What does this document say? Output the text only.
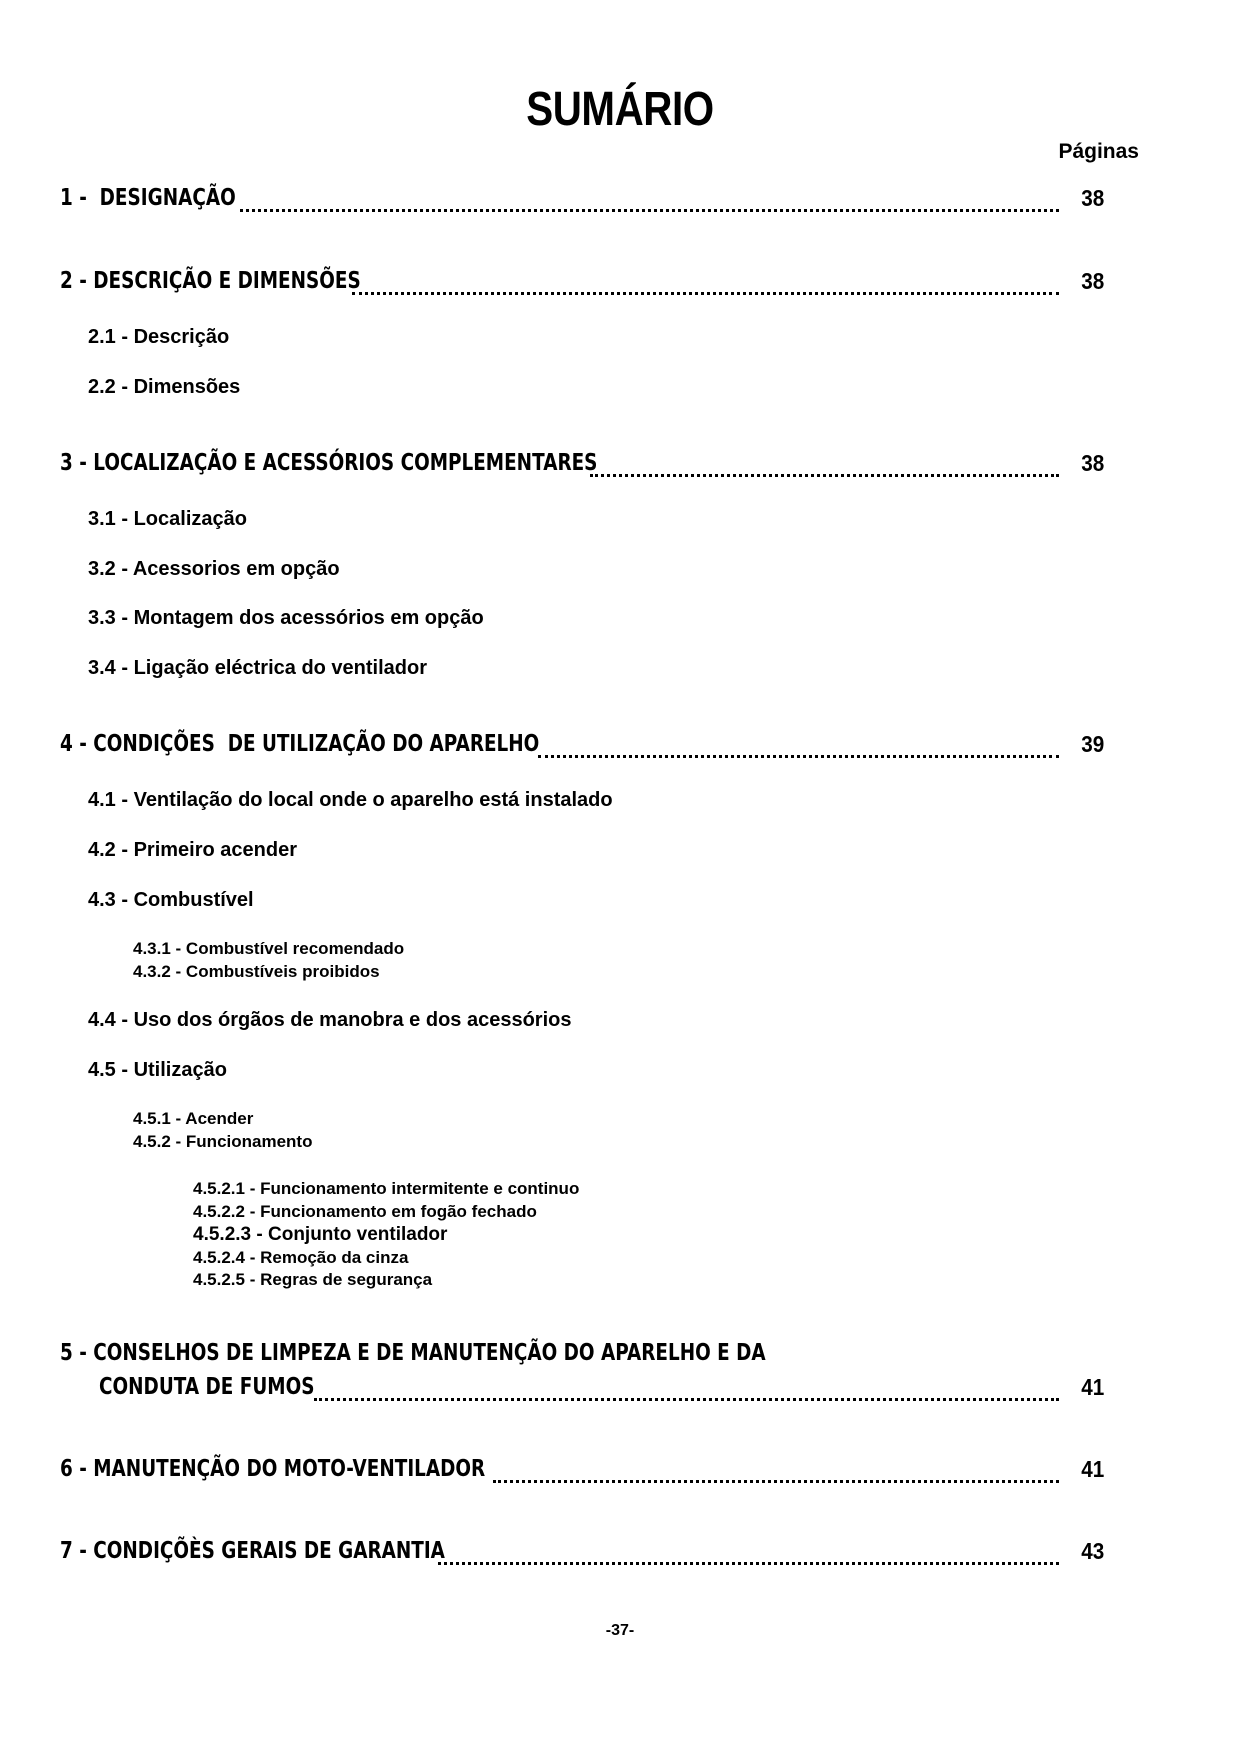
SUMÁRIO
Páginas
1 -  DESIGNAÇÃO	38
2 - DESCRIÇÃO E DIMENSÕES	38
2.1 - Descrição
2.2 - Dimensões
3 - LOCALIZAÇÃO E ACESSÓRIOS COMPLEMENTARES	38
3.1 - Localização
3.2 - Acessorios em opção
3.3 - Montagem dos acessórios em opção
3.4 - Ligação eléctrica do ventilador
4 - CONDIÇÕES  DE UTILIZAÇÃO DO APARELHO	39
4.1 - Ventilação do local onde o aparelho está instalado
4.2 - Primeiro acender
4.3 - Combustível
4.3.1 - Combustível recomendado
4.3.2 - Combustíveis proibidos
4.4 - Uso dos órgãos de manobra e dos acessórios
4.5 - Utilização
4.5.1 - Acender
4.5.2 - Funcionamento
4.5.2.1 - Funcionamento intermitente e continuo
4.5.2.2 - Funcionamento em fogão fechado
4.5.2.3 - Conjunto ventilador
4.5.2.4 - Remoção da cinza
4.5.2.5 - Regras de segurança
5 - CONSELHOS DE LIMPEZA E DE MANUTENÇÃO DO APARELHO E DA
CONDUTA DE FUMOS	41
6 - MANUTENÇÃO DO MOTO-VENTILADOR	41
7 - CONDIÇÕÈS GERAIS DE GARANTIA	43
-37-
